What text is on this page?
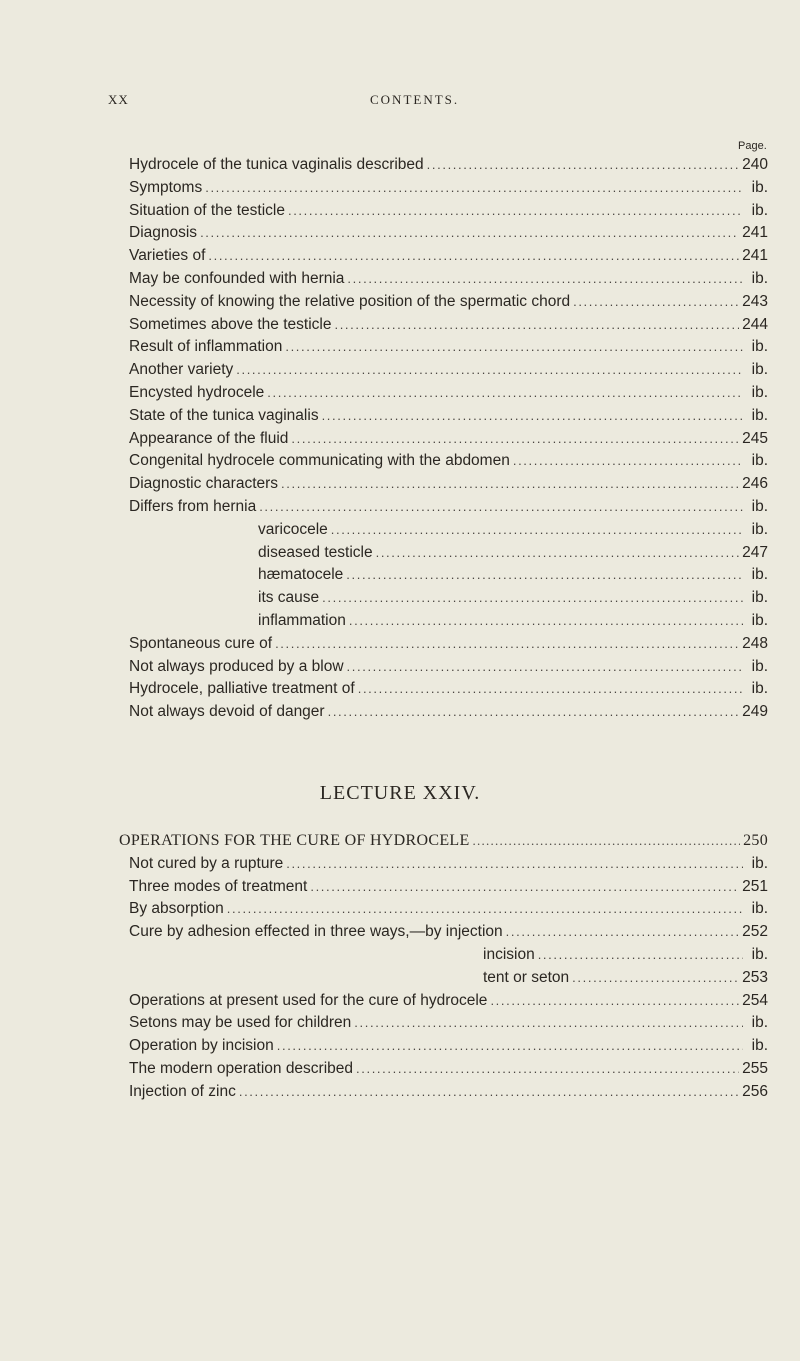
XX	CONTENTS.
Page.
Hydrocele of the tunica vaginalis described . . .	240
Symptoms . . .	ib.
Situation of the testicle . . .	ib.
Diagnosis . . .	241
Varieties of . . .	241
May be confounded with hernia . . .	ib.
Necessity of knowing the relative position of the spermatic chord . . .	243
Sometimes above the testicle . . .	244
Result of inflammation . . .	ib.
Another variety . . .	ib.
Encysted hydrocele . . .	ib.
State of the tunica vaginalis . . .	ib.
Appearance of the fluid . . .	245
Congenital hydrocele communicating with the abdomen . . .	ib.
Diagnostic characters . . .	246
Differs from hernia . . .	ib.
varicocele . . .	ib.
diseased testicle . . .	247
hæmatocele . . .	ib.
its cause . . .	ib.
inflammation . . .	ib.
Spontaneous cure of . . .	248
Not always produced by a blow . . .	ib.
Hydrocele, palliative treatment of . . .	ib.
Not always devoid of danger . . .	249
LECTURE XXIV.
OPERATIONS FOR THE CURE OF HYDROCELE . . .	250
Not cured by a rupture . . .	ib.
Three modes of treatment . . .	251
By absorption . . .	ib.
Cure by adhesion effected in three ways,—by injection . . .	252
incision . . .	ib.
tent or seton . . .	253
Operations at present used for the cure of hydrocele . . .	254
Setons may be used for children . . .	ib.
Operation by incision . . .	ib.
The modern operation described . . .	255
Injection of zinc . . .	256
